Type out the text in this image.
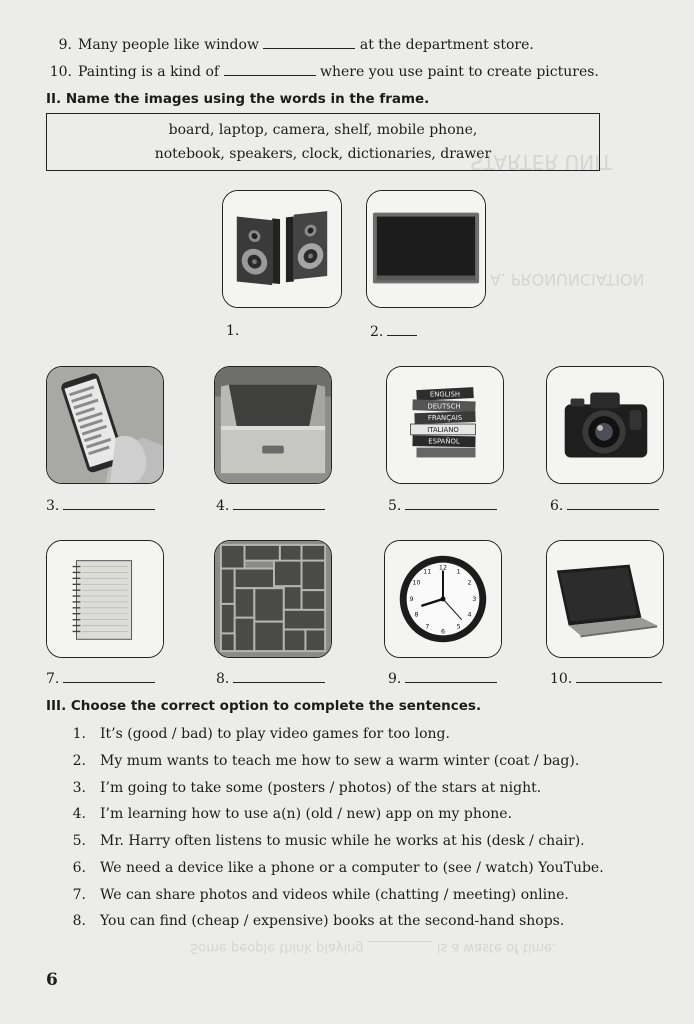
STARTER UNIT
A. PRONUNCIATION
Some people think playing __________ is a waste of time.
9. Many people like window	at the department store.
10. Painting is a kind of	where you use paint to create pictures.
II. Name the images using the words in the frame.
board, laptop, camera, shelf, mobile phone,
notebook, speakers, clock, dictionaries, drawer
1.	2.
ENGLISH
DEUTSCH
FRANÇAIS
ITALIANO
ESPAÑOL
3.	4.	5.	6.
12 1
2
3
4
5
6
7
8
9
10
11
7.	8.	9.	10.
III. Choose the correct option to complete the sentences.
1. It’s (good / bad) to play video games for too long.
2. My mum wants to teach me how to sew a warm winter (coat / bag).
3. I’m going to take some (posters / photos) of the stars at night.
4. I’m learning how to use a(n) (old / new) app on my phone.
5. Mr. Harry often listens to music while he works at his (desk / chair).
6. We need a device like a phone or a computer to (see / watch) YouTube.
7. We can share photos and videos while (chatting / meeting) online.
8. You can find (cheap / expensive) books at the second-hand shops.
6
